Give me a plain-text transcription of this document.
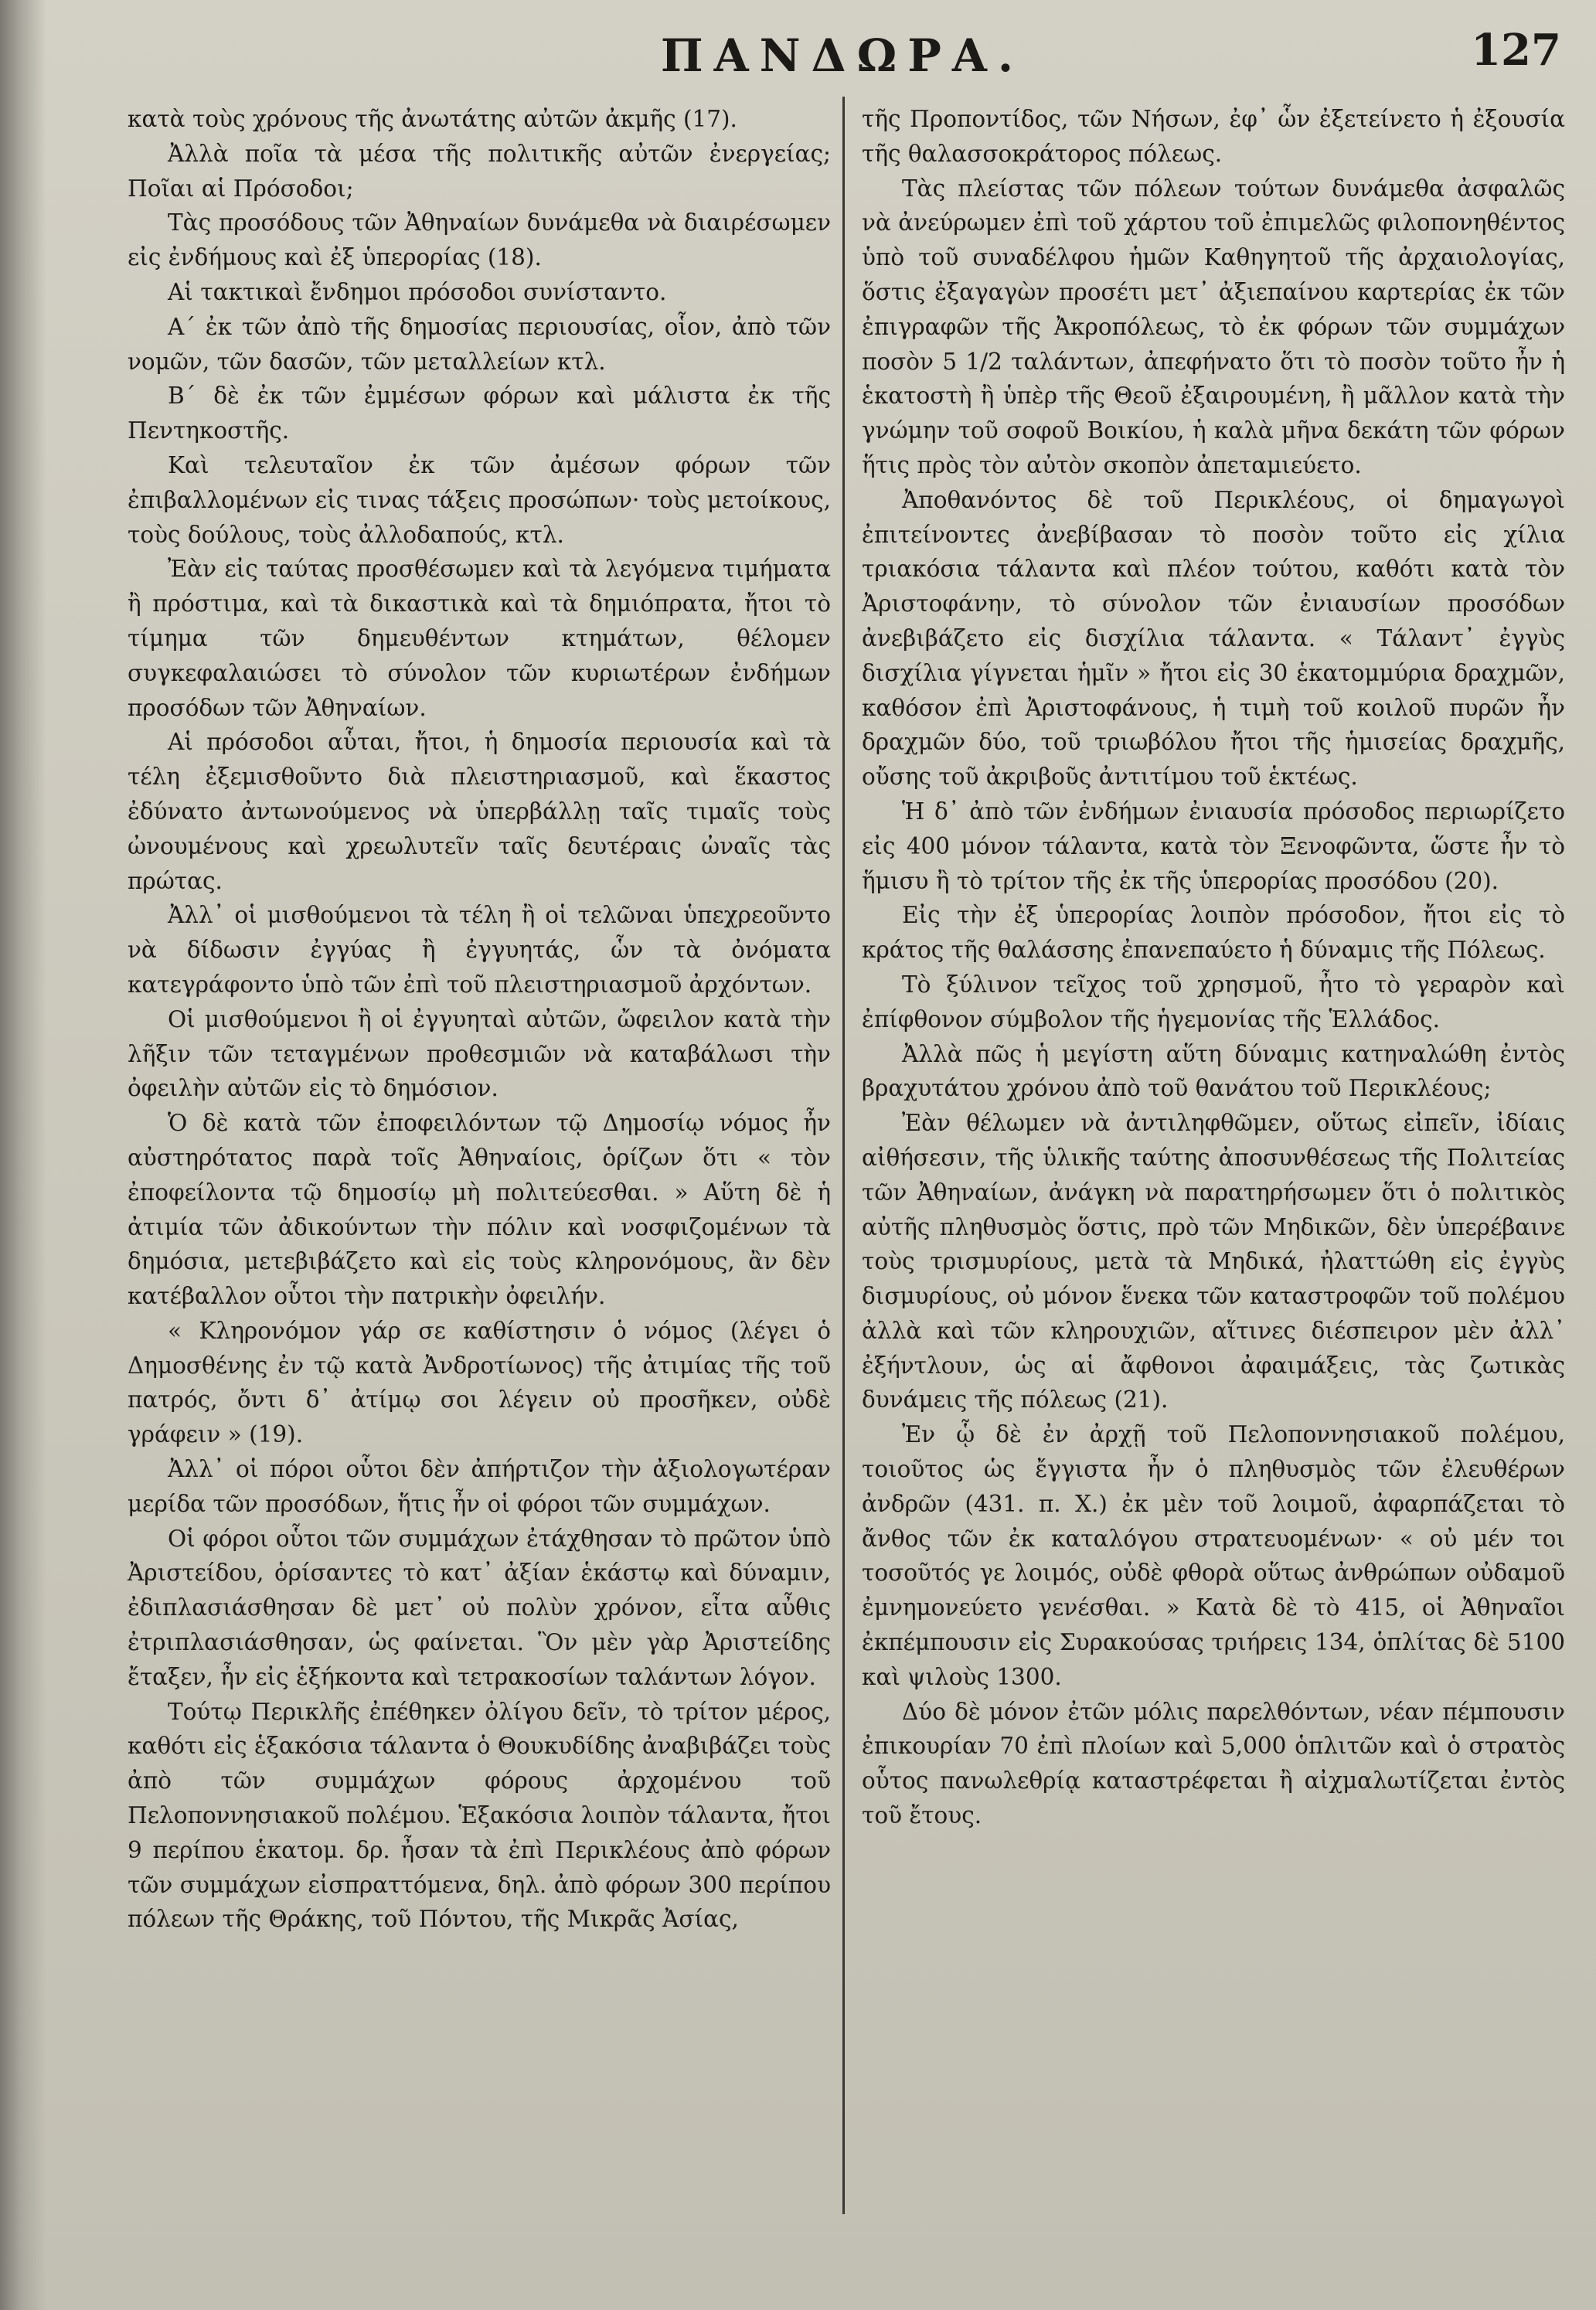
ΠΑΝΔΩΡΑ.	127

κατὰ τοὺς χρόνους τῆς ἀνωτάτης αὐτῶν ἀκμῆς (17).

Ἀλλὰ ποῖα τὰ μέσα τῆς πολιτικῆς αὐτῶν ἐνεργείας; Ποῖαι αἱ Πρόσοδοι;

Τὰς προσόδους τῶν Ἀθηναίων δυνάμεθα νὰ διαιρέσωμεν εἰς ἐνδήμους καὶ ἐξ ὑπερορίας (18).

Αἱ τακτικαὶ ἔνδημοι πρόσοδοι συνίσταντο.

Α΄ ἐκ τῶν ἀπὸ τῆς δημοσίας περιουσίας, οἷον, ἀπὸ τῶν νομῶν, τῶν δασῶν, τῶν μεταλλείων κτλ.

Β΄ δὲ ἐκ τῶν ἐμμέσων φόρων καὶ μάλιστα ἐκ τῆς Πεντηκοστῆς.

Καὶ τελευταῖον ἐκ τῶν ἀμέσων φόρων τῶν ἐπιβαλλομένων εἰς τινας τάξεις προσώπων· τοὺς μετοίκους, τοὺς δούλους, τοὺς ἀλλοδαπούς, κτλ.

Ἐὰν εἰς ταύτας προσθέσωμεν καὶ τὰ λεγόμενα τιμήματα ἢ πρόστιμα, καὶ τὰ δικαστικὰ καὶ τὰ δημιόπρατα, ἤτοι τὸ τίμημα τῶν δημευθέντων κτημάτων, θέλομεν συγκεφαλαιώσει τὸ σύνολον τῶν κυριωτέρων ἐνδήμων προσόδων τῶν Ἀθηναίων.

Αἱ πρόσοδοι αὗται, ἤτοι, ἡ δημοσία περιουσία καὶ τὰ τέλη ἐξεμισθοῦντο διὰ πλειστηριασμοῦ, καὶ ἕκαστος ἐδύνατο ἀντωνούμενος νὰ ὑπερβάλλῃ ταῖς τιμαῖς τοὺς ὠνουμένους καὶ χρεωλυτεῖν ταῖς δευτέραις ὠναῖς τὰς πρώτας.

Ἀλλ᾽ οἱ μισθούμενοι τὰ τέλη ἢ οἱ τελῶναι ὑπεχρεοῦντο νὰ δίδωσιν ἐγγύας ἢ ἐγγυητάς, ὧν τὰ ὀνόματα κατεγράφοντο ὑπὸ τῶν ἐπὶ τοῦ πλειστηριασμοῦ ἀρχόντων.

Οἱ μισθούμενοι ἢ οἱ ἐγγυηταὶ αὐτῶν, ὤφειλον κατὰ τὴν λῆξιν τῶν τεταγμένων προθεσμιῶν νὰ καταβάλωσι τὴν ὀφειλὴν αὐτῶν εἰς τὸ δημόσιον.

Ὁ δὲ κατὰ τῶν ἐποφειλόντων τῷ Δημοσίῳ νόμος ἦν αὐστηρότατος παρὰ τοῖς Ἀθηναίοις, ὁρίζων ὅτι « τὸν ἐποφείλοντα τῷ δημοσίῳ μὴ πολιτεύεσθαι. » Αὕτη δὲ ἡ ἀτιμία τῶν ἀδικούντων τὴν πόλιν καὶ νοσφιζομένων τὰ δημόσια, μετεβιβάζετο καὶ εἰς τοὺς κληρονόμους, ἂν δὲν κατέβαλλον οὗτοι τὴν πατρικὴν ὀφειλήν.

« Κληρονόμον γάρ σε καθίστησιν ὁ νόμος (λέγει ὁ Δημοσθένης ἐν τῷ κατὰ Ἀνδροτίωνος) τῆς ἀτιμίας τῆς τοῦ πατρός, ὄντι δ᾽ ἀτίμῳ σοι λέγειν οὐ προσῆκεν, οὐδὲ γράφειν » (19).

Ἀλλ᾽ οἱ πόροι οὗτοι δὲν ἀπήρτιζον τὴν ἀξιολογωτέραν μερίδα τῶν προσόδων, ἥτις ἦν οἱ φόροι τῶν συμμάχων.

Οἱ φόροι οὗτοι τῶν συμμάχων ἐτάχθησαν τὸ πρῶτον ὑπὸ Ἀριστείδου, ὁρίσαντες τὸ κατ᾽ ἀξίαν ἑκάστῳ καὶ δύναμιν, ἐδιπλασιάσθησαν δὲ μετ᾽ οὐ πολὺν χρόνον, εἶτα αὖθις ἐτριπλασιάσθησαν, ὡς φαίνεται. Ὃν μὲν γὰρ Ἀριστείδης ἔταξεν, ἦν εἰς ἑξήκοντα καὶ τετρακοσίων ταλάντων λόγον.

Τούτῳ Περικλῆς ἐπέθηκεν ὀλίγου δεῖν, τὸ τρίτον μέρος, καθότι εἰς ἑξακόσια τάλαντα ὁ Θουκυδίδης ἀναβιβάζει τοὺς ἀπὸ τῶν συμμάχων φόρους ἀρχομένου τοῦ Πελοποννησιακοῦ πολέμου. Ἑξακόσια λοιπὸν τάλαντα, ἤτοι 9 περίπου ἑκατομ. δρ. ἦσαν τὰ ἐπὶ Περικλέους ἀπὸ φόρων τῶν συμμάχων εἰσπραττόμενα, δηλ. ἀπὸ φόρων 300 περίπου πόλεων τῆς Θράκης, τοῦ Πόντου, τῆς Μικρᾶς Ἀσίας,

τῆς Προποντίδος, τῶν Νήσων, ἐφ᾽ ὧν ἐξετείνετο ἡ ἐξουσία τῆς θαλασσοκράτορος πόλεως.

Τὰς πλείστας τῶν πόλεων τούτων δυνάμεθα ἀσφαλῶς νὰ ἀνεύρωμεν ἐπὶ τοῦ χάρτου τοῦ ἐπιμελῶς φιλοπονηθέντος ὑπὸ τοῦ συναδέλφου ἡμῶν Καθηγητοῦ τῆς ἀρχαιολογίας, ὅστις ἐξαγαγὼν προσέτι μετ᾽ ἀξιεπαίνου καρτερίας ἐκ τῶν ἐπιγραφῶν τῆς Ἀκροπόλεως, τὸ ἐκ φόρων τῶν συμμάχων ποσὸν 5 1/2 ταλάντων, ἀπεφήνατο ὅτι τὸ ποσὸν τοῦτο ἦν ἡ ἑκατοστὴ ἢ ὑπὲρ τῆς Θεοῦ ἐξαιρουμένη, ἢ μᾶλλον κατὰ τὴν γνώμην τοῦ σοφοῦ Βοικίου, ἡ καλὰ μῆνα δεκάτη τῶν φόρων ἥτις πρὸς τὸν αὐτὸν σκοπὸν ἀπεταμιεύετο.

Ἀποθανόντος δὲ τοῦ Περικλέους, οἱ δημαγωγοὶ ἐπιτείνοντες ἀνεβίβασαν τὸ ποσὸν τοῦτο εἰς χίλια τριακόσια τάλαντα καὶ πλέον τούτου, καθότι κατὰ τὸν Ἀριστοφάνην, τὸ σύνολον τῶν ἐνιαυσίων προσόδων ἀνεβιβάζετο εἰς δισχίλια τάλαντα. « Τάλαντ᾽ ἐγγὺς δισχίλια γίγνεται ἡμῖν » ἤτοι εἰς 30 ἑκατομμύρια δραχμῶν, καθόσον ἐπὶ Ἀριστοφάνους, ἡ τιμὴ τοῦ κοιλοῦ πυρῶν ἦν δραχμῶν δύο, τοῦ τριωβόλου ἤτοι τῆς ἡμισείας δραχμῆς, οὔσης τοῦ ἀκριβοῦς ἀντιτίμου τοῦ ἑκτέως.

Ἡ δ᾽ ἀπὸ τῶν ἐνδήμων ἐνιαυσία πρόσοδος περιωρίζετο εἰς 400 μόνον τάλαντα, κατὰ τὸν Ξενοφῶντα, ὥστε ἦν τὸ ἥμισυ ἢ τὸ τρίτον τῆς ἐκ τῆς ὑπερορίας προσόδου (20).

Εἰς τὴν ἐξ ὑπερορίας λοιπὸν πρόσοδον, ἤτοι εἰς τὸ κράτος τῆς θαλάσσης ἐπανεπαύετο ἡ δύναμις τῆς Πόλεως.

Τὸ ξύλινον τεῖχος τοῦ χρησμοῦ, ἦτο τὸ γεραρὸν καὶ ἐπίφθονον σύμβολον τῆς ἡγεμονίας τῆς Ἑλλάδος.

Ἀλλὰ πῶς ἡ μεγίστη αὕτη δύναμις κατηναλώθη ἐντὸς βραχυτάτου χρόνου ἀπὸ τοῦ θανάτου τοῦ Περικλέους;

Ἐὰν θέλωμεν νὰ ἀντιληφθῶμεν, οὕτως εἰπεῖν, ἰδίαις αἰθήσεσιν, τῆς ὑλικῆς ταύτης ἀποσυνθέσεως τῆς Πολιτείας τῶν Ἀθηναίων, ἀνάγκη νὰ παρατηρήσωμεν ὅτι ὁ πολιτικὸς αὐτῆς πληθυσμὸς ὅστις, πρὸ τῶν Μηδικῶν, δὲν ὑπερέβαινε τοὺς τρισμυρίους, μετὰ τὰ Μηδικά, ἠλαττώθη εἰς ἐγγὺς δισμυρίους, οὐ μόνον ἕνεκα τῶν καταστροφῶν τοῦ πολέμου ἀλλὰ καὶ τῶν κληρουχιῶν, αἵτινες διέσπειρον μὲν ἀλλ᾽ ἐξήντλουν, ὡς αἱ ἄφθονοι ἀφαιμάξεις, τὰς ζωτικὰς δυνάμεις τῆς πόλεως (21).

Ἐν ᾧ δὲ ἐν ἀρχῇ τοῦ Πελοποννησιακοῦ πολέμου, τοιοῦτος ὡς ἔγγιστα ἦν ὁ πληθυσμὸς τῶν ἐλευθέρων ἀνδρῶν (431. π. Χ.) ἐκ μὲν τοῦ λοιμοῦ, ἀφαρπάζεται τὸ ἄνθος τῶν ἐκ καταλόγου στρατευομένων· « οὐ μέν τοι τοσοῦτός γε λοιμός, οὐδὲ φθορὰ οὕτως ἀνθρώπων οὐδαμοῦ ἐμνημονεύετο γενέσθαι. » Κατὰ δὲ τὸ 415, οἱ Ἀθηναῖοι ἐκπέμπουσιν εἰς Συρακούσας τριήρεις 134, ὁπλίτας δὲ 5100 καὶ ψιλοὺς 1300.

Δύο δὲ μόνον ἐτῶν μόλις παρελθόντων, νέαν πέμπουσιν ἐπικουρίαν 70 ἐπὶ πλοίων καὶ 5,000 ὁπλιτῶν καὶ ὁ στρατὸς οὗτος πανωλεθρίᾳ καταστρέφεται ἢ αἰχμαλωτίζεται ἐντὸς τοῦ ἔτους.
